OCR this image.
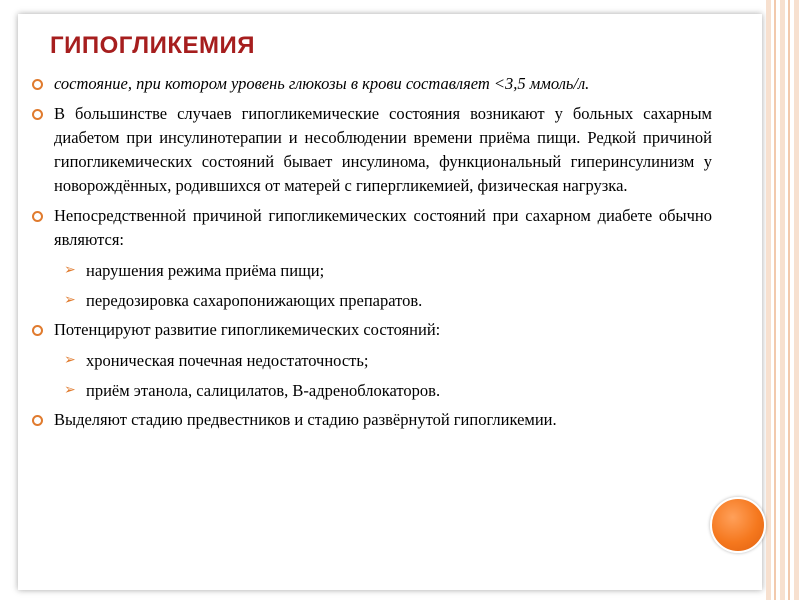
ГИПОГЛИКЕМИЯ
состояние, при котором уровень глюкозы в крови составляет <3,5 ммоль/л.
В большинстве случаев гипогликемические состояния возникают у больных сахарным диабетом при инсулинотерапии и несоблюдении времени приёма пищи. Редкой причиной гипогликемических состояний бывает инсулинома, функциональный гиперинсулинизм у новорождённых, родившихся от матерей с гипергликемией, физическая нагрузка.
Непосредственной причиной гипогликемических состояний при сахарном диабете обычно являются:
➢ нарушения режима приёма пищи;
➢ передозировка сахаропонижающих препаратов.
Потенцируют развитие гипогликемических состояний:
➢ хроническая почечная недостаточность;
➢ приём этанола, салицилатов, B-адреноблокаторов.
Выделяют стадию предвестников и стадию развёрнутой гипогликемии.
